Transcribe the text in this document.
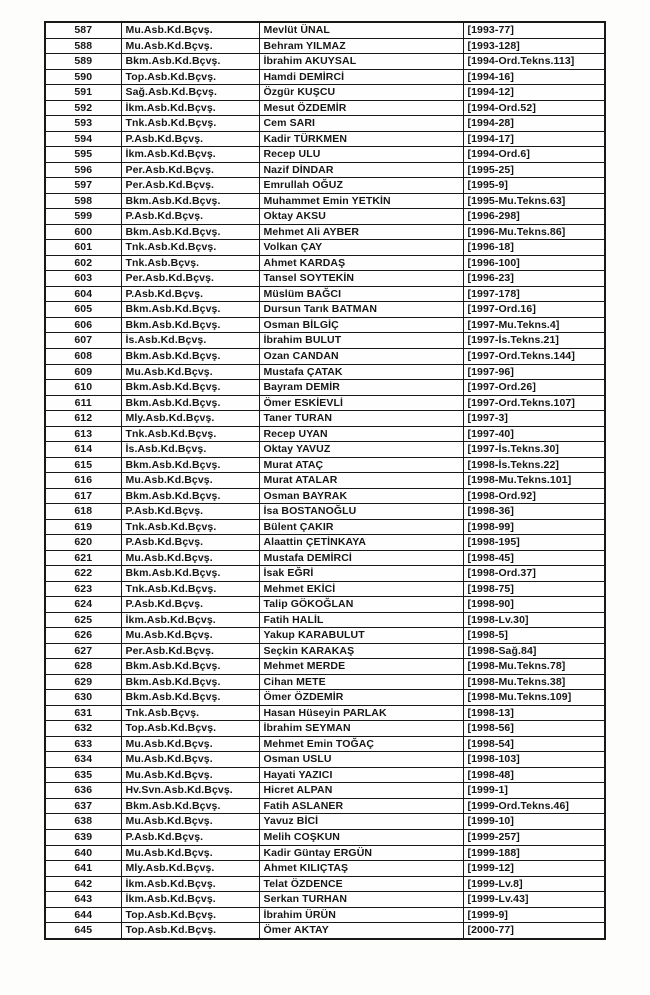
587	Mu.Asb.Kd.Bçvş.	Mevlüt ÜNAL	[1993-77]
588	Mu.Asb.Kd.Bçvş.	Behram YILMAZ	[1993-128]
589	Bkm.Asb.Kd.Bçvş.	İbrahim AKUYSAL	[1994-Ord.Tekns.113]
590	Top.Asb.Kd.Bçvş.	Hamdi DEMİRCİ	[1994-16]
591	Sağ.Asb.Kd.Bçvş.	Özgür KUŞCU	[1994-12]
592	İkm.Asb.Kd.Bçvş.	Mesut ÖZDEMİR	[1994-Ord.52]
593	Tnk.Asb.Kd.Bçvş.	Cem SARI	[1994-28]
594	P.Asb.Kd.Bçvş.	Kadir TÜRKMEN	[1994-17]
595	İkm.Asb.Kd.Bçvş.	Recep ULU	[1994-Ord.6]
596	Per.Asb.Kd.Bçvş.	Nazif DİNDAR	[1995-25]
597	Per.Asb.Kd.Bçvş.	Emrullah OĞUZ	[1995-9]
598	Bkm.Asb.Kd.Bçvş.	Muhammet Emin YETKİN	[1995-Mu.Tekns.63]
599	P.Asb.Kd.Bçvş.	Oktay AKSU	[1996-298]
600	Bkm.Asb.Kd.Bçvş.	Mehmet Ali AYBER	[1996-Mu.Tekns.86]
601	Tnk.Asb.Kd.Bçvş.	Volkan ÇAY	[1996-18]
602	Tnk.Asb.Bçvş.	Ahmet KARDAŞ	[1996-100]
603	Per.Asb.Kd.Bçvş.	Tansel SOYTEKİN	[1996-23]
604	P.Asb.Kd.Bçvş.	Müslüm BAĞCI	[1997-178]
605	Bkm.Asb.Kd.Bçvş.	Dursun Tarık BATMAN	[1997-Ord.16]
606	Bkm.Asb.Kd.Bçvş.	Osman BİLGİÇ	[1997-Mu.Tekns.4]
607	İs.Asb.Kd.Bçvş.	İbrahim BULUT	[1997-İs.Tekns.21]
608	Bkm.Asb.Kd.Bçvş.	Ozan CANDAN	[1997-Ord.Tekns.144]
609	Mu.Asb.Kd.Bçvş.	Mustafa ÇATAK	[1997-96]
610	Bkm.Asb.Kd.Bçvş.	Bayram DEMİR	[1997-Ord.26]
611	Bkm.Asb.Kd.Bçvş.	Ömer ESKİEVLİ	[1997-Ord.Tekns.107]
612	Mly.Asb.Kd.Bçvş.	Taner TURAN	[1997-3]
613	Tnk.Asb.Kd.Bçvş.	Recep UYAN	[1997-40]
614	İs.Asb.Kd.Bçvş.	Oktay YAVUZ	[1997-İs.Tekns.30]
615	Bkm.Asb.Kd.Bçvş.	Murat ATAÇ	[1998-İs.Tekns.22]
616	Mu.Asb.Kd.Bçvş.	Murat ATALAR	[1998-Mu.Tekns.101]
617	Bkm.Asb.Kd.Bçvş.	Osman BAYRAK	[1998-Ord.92]
618	P.Asb.Kd.Bçvş.	İsa BOSTANOĞLU	[1998-36]
619	Tnk.Asb.Kd.Bçvş.	Bülent ÇAKIR	[1998-99]
620	P.Asb.Kd.Bçvş.	Alaattin ÇETİNKAYA	[1998-195]
621	Mu.Asb.Kd.Bçvş.	Mustafa DEMİRCİ	[1998-45]
622	Bkm.Asb.Kd.Bçvş.	İsak EĞRİ	[1998-Ord.37]
623	Tnk.Asb.Kd.Bçvş.	Mehmet EKİCİ	[1998-75]
624	P.Asb.Kd.Bçvş.	Talip GÖKOĞLAN	[1998-90]
625	İkm.Asb.Kd.Bçvş.	Fatih HALİL	[1998-Lv.30]
626	Mu.Asb.Kd.Bçvş.	Yakup KARABULUT	[1998-5]
627	Per.Asb.Kd.Bçvş.	Seçkin KARAKAŞ	[1998-Sağ.84]
628	Bkm.Asb.Kd.Bçvş.	Mehmet MERDE	[1998-Mu.Tekns.78]
629	Bkm.Asb.Kd.Bçvş.	Cihan METE	[1998-Mu.Tekns.38]
630	Bkm.Asb.Kd.Bçvş.	Ömer ÖZDEMİR	[1998-Mu.Tekns.109]
631	Tnk.Asb.Bçvş.	Hasan Hüseyin PARLAK	[1998-13]
632	Top.Asb.Kd.Bçvş.	İbrahim SEYMAN	[1998-56]
633	Mu.Asb.Kd.Bçvş.	Mehmet Emin TOĞAÇ	[1998-54]
634	Mu.Asb.Kd.Bçvş.	Osman USLU	[1998-103]
635	Mu.Asb.Kd.Bçvş.	Hayati YAZICI	[1998-48]
636	Hv.Svn.Asb.Kd.Bçvş.	Hicret ALPAN	[1999-1]
637	Bkm.Asb.Kd.Bçvş.	Fatih ASLANER	[1999-Ord.Tekns.46]
638	Mu.Asb.Kd.Bçvş.	Yavuz BİCİ	[1999-10]
639	P.Asb.Kd.Bçvş.	Melih COŞKUN	[1999-257]
640	Mu.Asb.Kd.Bçvş.	Kadir Güntay ERGÜN	[1999-188]
641	Mly.Asb.Kd.Bçvş.	Ahmet KILIÇTAŞ	[1999-12]
642	İkm.Asb.Kd.Bçvş.	Telat ÖZDENCE	[1999-Lv.8]
643	İkm.Asb.Kd.Bçvş.	Serkan TURHAN	[1999-Lv.43]
644	Top.Asb.Kd.Bçvş.	İbrahim ÜRÜN	[1999-9]
645	Top.Asb.Kd.Bçvş.	Ömer AKTAY	[2000-77]
